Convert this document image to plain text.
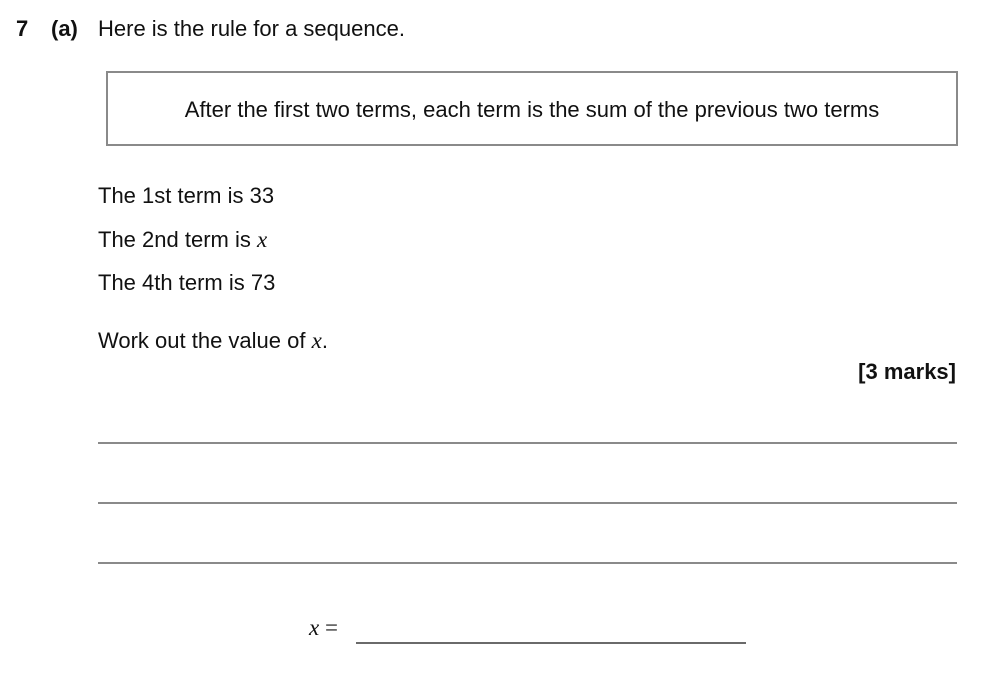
7 (a) Here is the rule for a sequence.
After the first two terms, each term is the sum of the previous two terms
The 1st term is 33
The 2nd term is x
The 4th term is 73
Work out the value of x.
[3 marks]
x =
